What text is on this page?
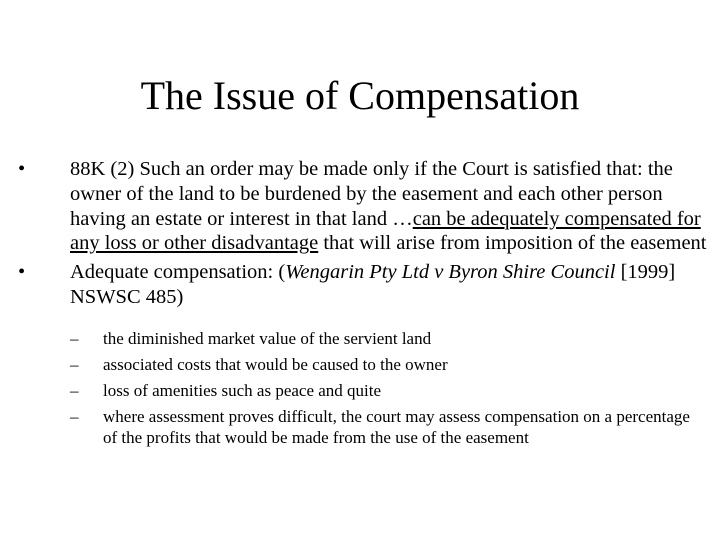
The Issue of Compensation
•	88K (2) Such an order may be made only if the Court is satisfied that: the owner of the land to be burdened by the easement and each other person having an estate or interest in that land …can be adequately compensated for any loss or other disadvantage that will arise from imposition of the easement
•	Adequate compensation: (Wengarin Pty Ltd v Byron Shire Council [1999] NSWSC 485)
– the diminished market value of the servient land
– associated costs that would be caused to the owner
– loss of amenities such as peace and quite
– where assessment proves difficult, the court may assess compensation on a percentage of the profits that would be made from the use of the easement
